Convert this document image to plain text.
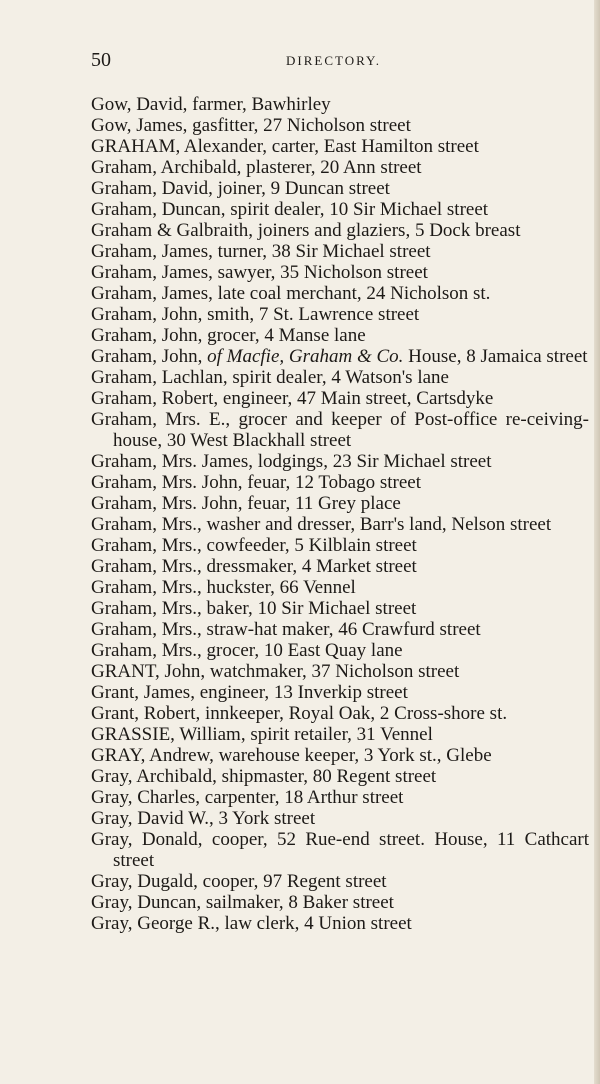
50	DIRECTORY.
Gow, David, farmer, Bawhirley
Gow, James, gasfitter, 27 Nicholson street
GRAHAM, Alexander, carter, East Hamilton street
Graham, Archibald, plasterer, 20 Ann street
Graham, David, joiner, 9 Duncan street
Graham, Duncan, spirit dealer, 10 Sir Michael street
Graham & Galbraith, joiners and glaziers, 5 Dock breast
Graham, James, turner, 38 Sir Michael street
Graham, James, sawyer, 35 Nicholson street
Graham, James, late coal merchant, 24 Nicholson st.
Graham, John, smith, 7 St. Lawrence street
Graham, John, grocer, 4 Manse lane
Graham, John, of Macfie, Graham & Co. House, 8 Jamaica street
Graham, Lachlan, spirit dealer, 4 Watson's lane
Graham, Robert, engineer, 47 Main street, Cartsdyke
Graham, Mrs. E., grocer and keeper of Post-office re-ceiving-house, 30 West Blackhall street
Graham, Mrs. James, lodgings, 23 Sir Michael street
Graham, Mrs. John, feuar, 12 Tobago street
Graham, Mrs. John, feuar, 11 Grey place
Graham, Mrs., washer and dresser, Barr's land, Nelson street
Graham, Mrs., cowfeeder, 5 Kilblain street
Graham, Mrs., dressmaker, 4 Market street
Graham, Mrs., huckster, 66 Vennel
Graham, Mrs., baker, 10 Sir Michael street
Graham, Mrs., straw-hat maker, 46 Crawfurd street
Graham, Mrs., grocer, 10 East Quay lane
GRANT, John, watchmaker, 37 Nicholson street
Grant, James, engineer, 13 Inverkip street
Grant, Robert, innkeeper, Royal Oak, 2 Cross-shore st.
GRASSIE, William, spirit retailer, 31 Vennel
GRAY, Andrew, warehouse keeper, 3 York st., Glebe
Gray, Archibald, shipmaster, 80 Regent street
Gray, Charles, carpenter, 18 Arthur street
Gray, David W., 3 York street
Gray, Donald, cooper, 52 Rue-end street. House, 11 Cathcart street
Gray, Dugald, cooper, 97 Regent street
Gray, Duncan, sailmaker, 8 Baker street
Gray, George R., law clerk, 4 Union street
